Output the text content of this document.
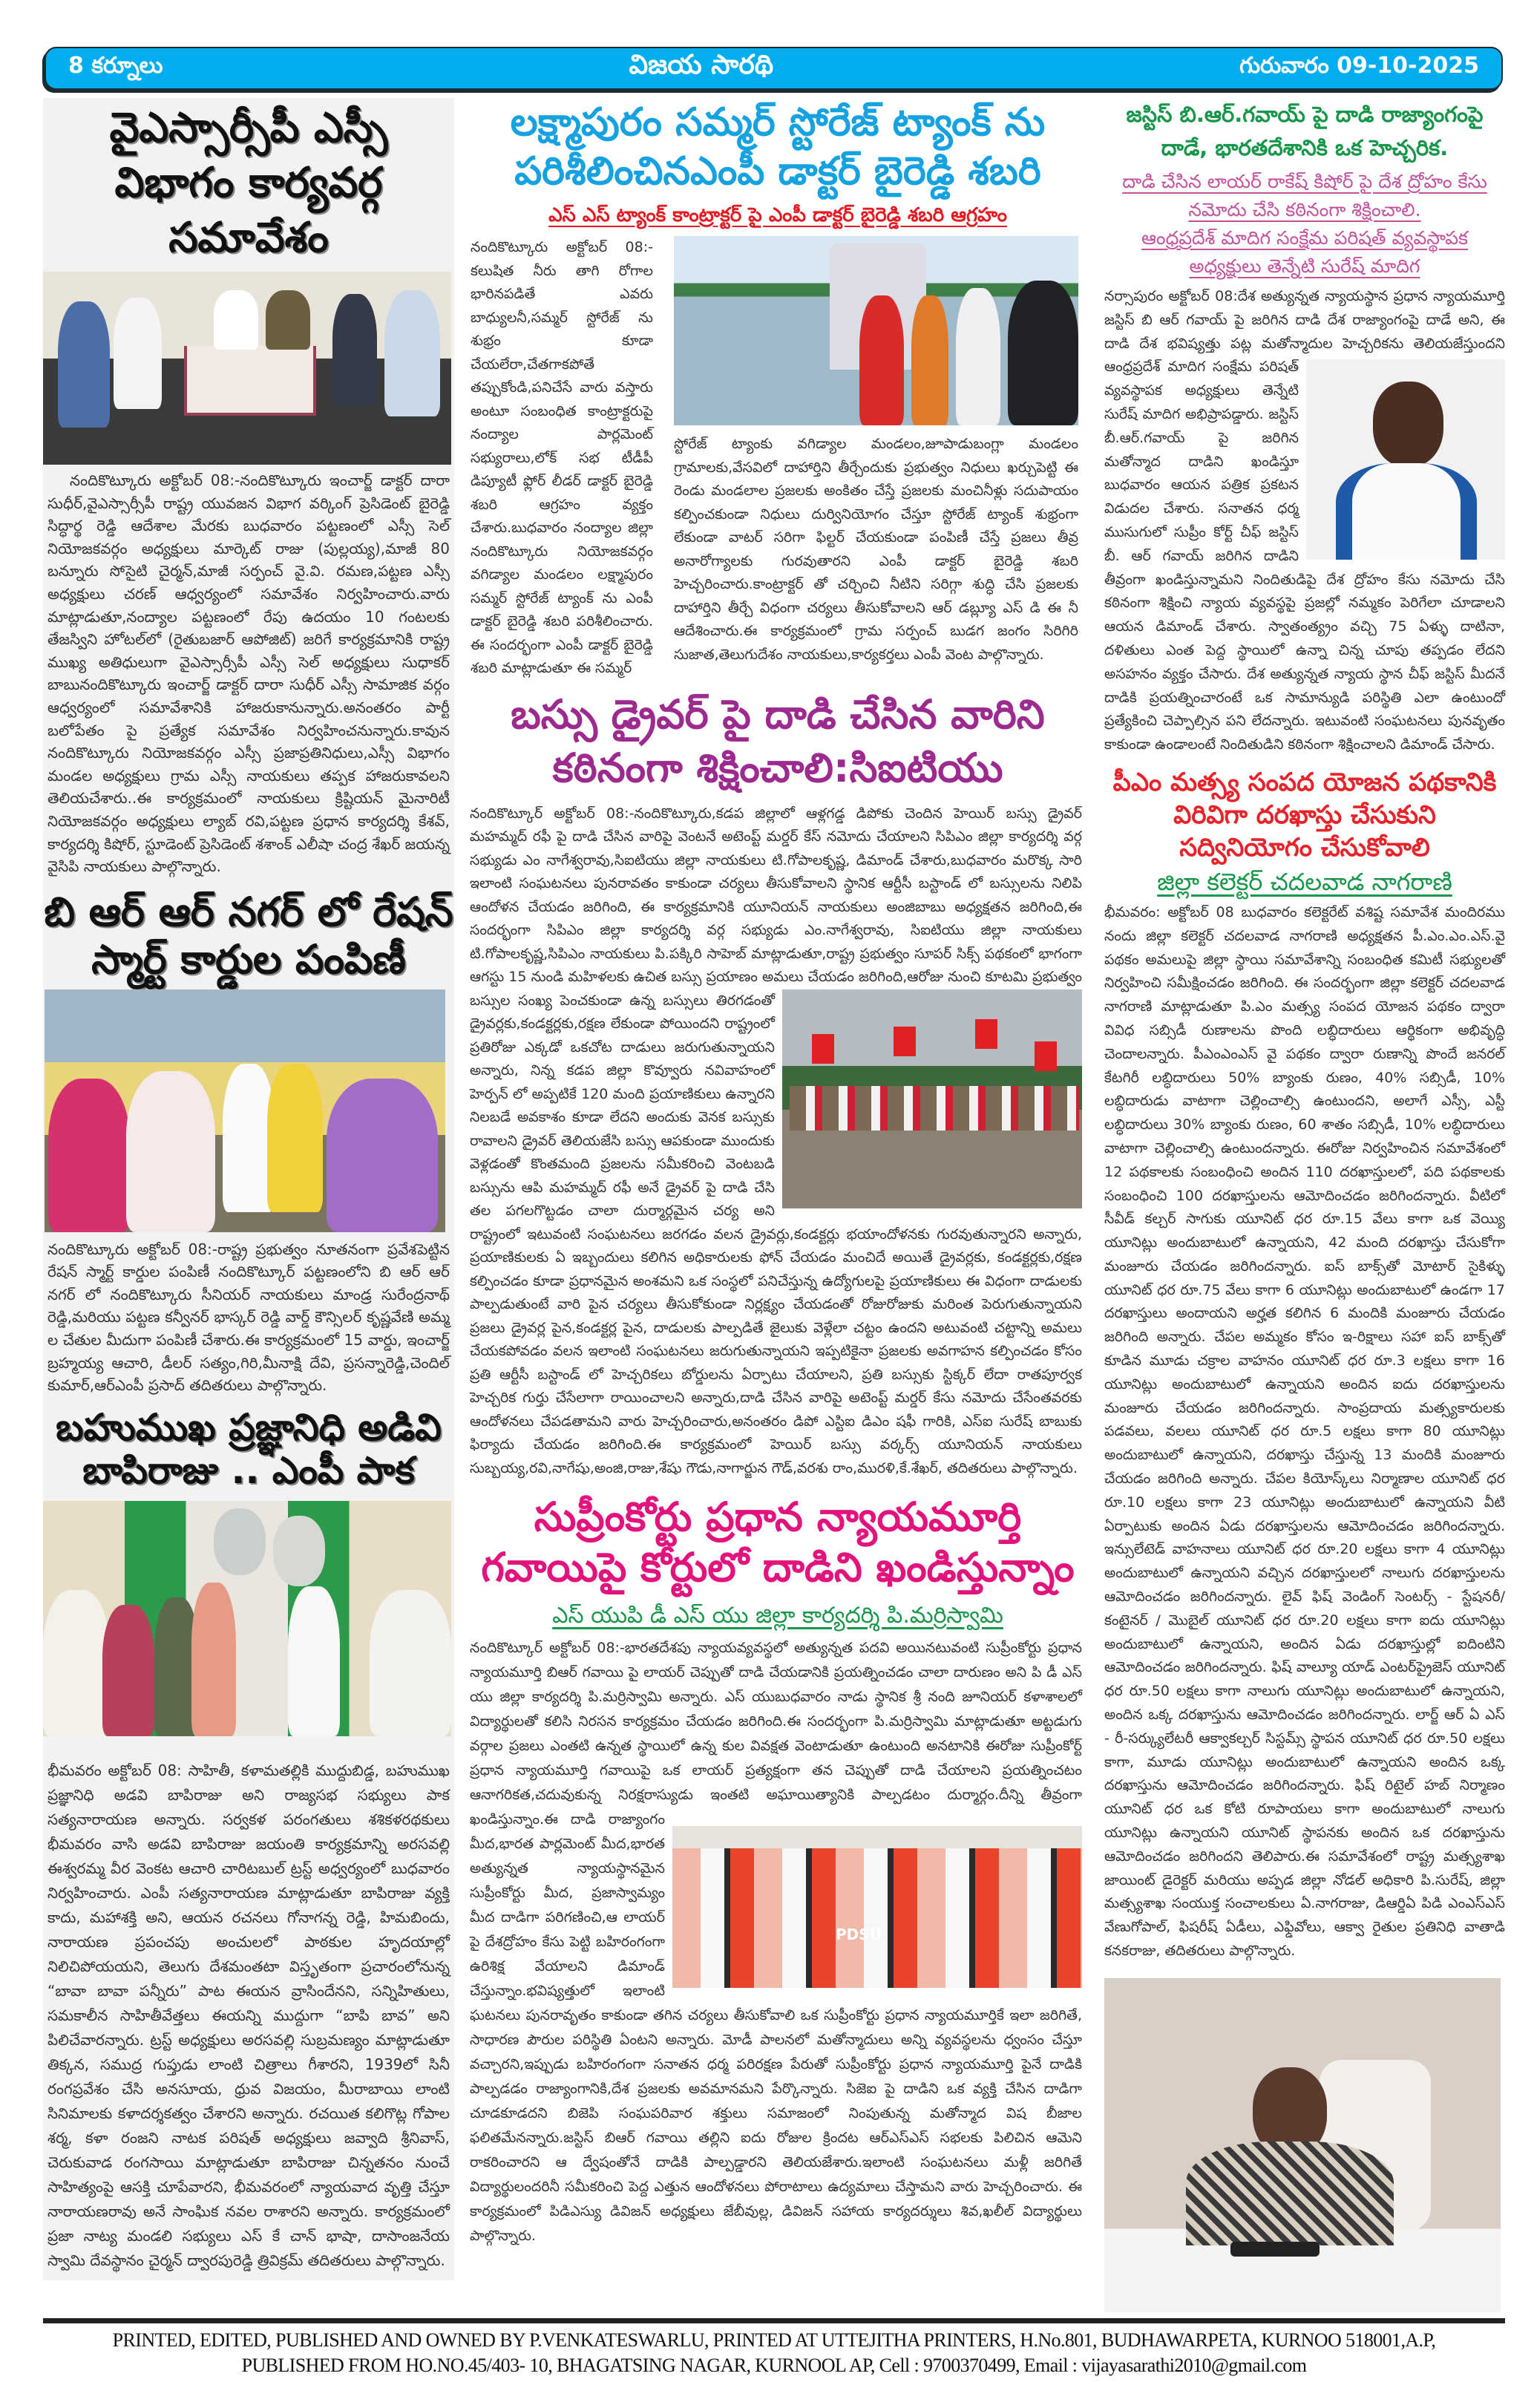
8 కర్నూలు	విజయ సారథి	గురువారం 09-10-2025
వైఎస్సార్సీపీ ఎస్సీ విభాగం కార్యవర్గ సమావేశం
నందికొట్కూరు అక్టోబర్ 08:-నందికొట్కూరు ఇంచార్జ్ డాక్టర్ దారా సుధీర్,వైఎస్సార్సీపీ రాష్ట్ర యువజన విభాగ వర్కింగ్ ప్రెసిడెంట్ బైరెడ్డి సిద్ధార్థ రెడ్డి ఆదేశాల మేరకు బుధవారం పట్టణంలో ఎస్సీ సెల్ నియోజకవర్గం అధ్యక్షులు మార్కెట్ రాజు (పుల్లయ్య),మాజీ 80 బన్నూరు సోసైటి చైర్మన్,మాజీ సర్పంచ్ వై.వి. రమణ,పట్టణ ఎస్సీ అధ్యక్షులు చరణ్ ఆధ్వర్యంలో సమావేశం నిర్వహించారు.వారు మాట్లాడుతూ,నంద్యాల పట్టణంలో రేపు ఉదయం 10 గంటలకు తేజస్విని హోటల్‌లో (రైతుబజార్ ఆపోజిట్) జరిగే కార్యక్రమానికి రాష్ట్ర ముఖ్య అతిధులుగా వైఎస్సార్సీపీ ఎస్సీ సెల్ అధ్యక్షులు సుధాకర్ బాబునందికొట్కూరు ఇంచార్జ్ డాక్టర్ దారా సుధీర్ ఎస్సీ సామాజిక వర్గం ఆధ్వర్యంలో సమావేశానికి హాజరుకానున్నారు.అనంతరం పార్టీ బలోపేతం పై ప్రత్యేక సమావేశం నిర్వహించనున్నారు.కావున నందికొట్కూరు నియోజకవర్గం ఎస్సీ ప్రజాప్రతినిధులు,ఎస్సీ విభాగం మండల అధ్యక్షులు గ్రామ ఎస్సీ నాయకులు తప్పక హాజరుకావలని తెలియచేశారు..ఈ కార్యక్రమంలో నాయకులు క్రిష్టియన్ మైనారిటీ నియోజకవర్గం అధ్యక్షులు ల్యాబ్ రవి,పట్టణ ప్రధాన కార్యదర్శి కేశవ్, కార్యదర్శి కిషోర్, స్టూడెంట్ ప్రెసిడెంట్ శశాంక్ ఎలీషా చంద్ర శేఖర్ జయన్న వైసిపి నాయకులు పాల్గొన్నారు.
బి ఆర్ ఆర్ నగర్ లో రేషన్ స్మార్ట్ కార్డుల పంపిణీ
నందికొట్కూరు అక్టోబర్ 08:-రాష్ట్ర ప్రభుత్వం నూతనంగా ప్రవేశపెట్టిన రేషన్ స్మార్ట్ కార్డుల పంపిణీ నందికొట్కూర్ పట్టణంలోని బి ఆర్ ఆర్ నగర్ లో నందికొట్కూరు సీనియర్ నాయకులు మాండ్ర సురేంద్రనాథ్ రెడ్డి,మరియు పట్టణ కన్వీనర్ భాస్కర్ రెడ్డి వార్డ్ కౌన్సిలర్ కృష్ణవేణి అమ్మ ల చేతుల మీదుగా పంపిణీ చేశారు.ఈ కార్యక్రమంలో 15 వార్డు, ఇంచార్జ్ బ్రహ్మయ్య ఆచారి, డీలర్ సత్యం,గిరి,మీనాక్షి దేవి, ప్రసన్నారెడ్డి,చెందిల్ కుమార్,ఆర్ఎంపీ ప్రసాద్ తదితరులు పాల్గొన్నారు.
బహుముఖ ప్రజ్ఞానిధి అడివి బాపిరాజు .. ఎంపీ పాక
భీమవరం అక్టోబర్ 08: సాహితీ, కళామతల్లికి ముద్దుబిడ్డ, బహుముఖ ప్రజ్ఞానిధి అడవి బాపిరాజు అని రాజ్యసభ సభ్యులు పాక సత్యనారాయణ అన్నారు. సర్వకళ పరంగతులు శశికళరథకులు భీమవరం వాసి అడవి బాపిరాజు జయంతి కార్యక్రమాన్ని అరసవల్లి ఈశ్వరమ్మ వీర వెంకట ఆచారి చారిటబుల్ ట్రస్ట్ అధ్వర్యంలో బుధవారం నిర్వహించారు. ఎంపీ సత్యనారాయణ మాట్లాడుతూ బాపిరాజు వ్యక్తి కాదు, మహాశక్తి అని, ఆయన రచనలు గోనాగన్న రెడ్డి, హిమబిందు, నారాయణ ప్రపంచపు అంచులలో పాఠకుల హృదయాల్లో నిలిచిపోయయని, తెలుగు దేశమంతటా విస్తృతంగా ప్రచారంలోనున్న “బావా బావా పన్నీరు” పాట ఈయన వ్రాసిందేనని, సన్నిహితులు, సమకాలీన సాహితీవేత్తలు ఈయన్ని ముద్దుగా “బాపి బావ” అని పిలిచేవారన్నారు. ట్రస్ట్ అధ్యక్షులు అరసవల్లి సుబ్రమణ్యం మాట్లాడుతూ తిక్కన, సముద్ర గుప్తుడు లాంటి చిత్రాలు గీశారని, 1939లో సినీ రంగప్రవేశం చేసి అనసూయ, ధ్రువ విజయం, మీరాబాయి లాంటి సినిమాలకు కళాదర్శకత్వం చేశారని అన్నారు. రచయిత కలిగొట్ల గోపాల శర్మ, కళా రంజని నాటక పరిషత్ అధ్యక్షులు జవ్వాది శ్రీనివాస్, చెరుకువాడ రంగసాయి మాట్లాడుతూ బాపిరాజు చిన్నతనం నుంచే సాహిత్యంపై ఆసక్తి చూపేవారని, భీమవరంలో న్యాయవాద వృత్తి చేస్తూ నారాయణరావు అనే సాంఘిక నవల రాశారని అన్నారు. కార్యక్రమంలో ప్రజా నాట్య మండలి సభ్యులు ఎస్ కే చాన్ భాషా, దాసాంజనేయ స్వామి దేవస్థానం చైర్మన్ ద్వారపురెడ్డి త్రివిక్రమ్ తదితరులు పాల్గొన్నారు.
లక్ష్మాపురం సమ్మర్ స్టోరేజ్ ట్యాంక్ ను పరిశీలించినఎంపీ డాక్టర్ బైరెడ్డి శబరి
ఎస్ ఎస్ ట్యాంక్ కాంట్రాక్టర్ పై ఎంపీ డాక్టర్ బైరెడ్డి శబరి ఆగ్రహం
నందికొట్కూరు అక్టోబర్ 08:-కలుషిత నీరు తాగి రోగాల భారినపడితే ఎవరు బాధ్యులనీ,సమ్మర్ స్టోరేజ్ ను శుభ్రం కూడా చేయలేరా,చేతగాకపోతే తప్పుకోండి,పనిచేసే వారు వస్తారు అంటూ సంబంధిత కాంట్రాక్టరుపై నంద్యాల పార్లమెంట్ సభ్యురాలు,లోక్ సభ టీడీపీ డిప్యూటీ ఫ్లోర్ లీడర్ డాక్టర్ బైరెడ్డి శబరి ఆగ్రహం వ్యక్తం చేశారు.బుధవారం నంద్యాల జిల్లా నందికొట్కూరు నియోజకవర్గం వగిడ్యాల మండలం లక్ష్మాపురం సమ్మర్ స్టోరేజ్ ట్యాంక్ ను ఎంపీ డాక్టర్ బైరెడ్డి శబరి పరిశీలించారు. ఈ సందర్భంగా ఎంపీ డాక్టర్ బైరెడ్డి శబరి మాట్లాడుతూ ఈ సమ్మర్
స్టోరేజ్ ట్యాంకు వగిడ్యాల మండలం,జూపాడుబంగ్లా మండలం గ్రామాలకు,వేసవిలో దాహార్తిని తీర్చేందుకు ప్రభుత్వం నిధులు ఖర్చుపెట్టి ఈ రెండు మండలాల ప్రజలకు అంకితం చేస్తే ప్రజలకు మంచినీళ్లు సదుపాయం కల్పించకుండా నిధులు దుర్వినియోగం చేస్తూ స్టోరేజ్ ట్యాంక్ శుభ్రంగా లేకుండా వాటర్ సరిగా ఫిల్టర్ చేయకుండా పంపిణీ చేస్తే ప్రజలు తీవ్ర అనారోగ్యాలకు గురవుతారని ఎంపీ డాక్టర్ బైరెడ్డి శబరి హెచ్చరించారు.కాంట్రాక్టర్ తో చర్చించి నీటిని సరిగ్గా శుద్ధి చేసి ప్రజలకు దాహార్తిని తీర్చే విధంగా చర్యలు తీసుకోవాలని ఆర్ డబ్ల్యూ ఎస్ డి ఈ నీ ఆదేశించారు.ఈ కార్యక్రమంలో గ్రామ సర్పంచ్ బుడగ జంగం సిరిగిరి సుజాత,తెలుగుదేశం నాయకులు,కార్యకర్తలు ఎంపీ వెంట పాల్గొన్నారు.
బస్సు డ్రైవర్ పై దాడి చేసిన వారిని కఠినంగా శిక్షించాలి:సిఐటియు
నందికొట్కూర్ అక్టోబర్ 08:-నందికొట్కూరు,కడప జిల్లాలో ఆళ్లగడ్డ డిపోకు చెందిన హెయిర్ బస్సు డ్రైవర్ మహమ్మద్ రఫీ పై దాడి చేసిన వారిపై వెంటనే అటెంప్ట్ మర్డర్ కేస్ నమోదు చేయాలని సిపిఎం జిల్లా కార్యదర్శి వర్గ సభ్యుడు ఎం నాగేశ్వరావు,సిఐటియు జిల్లా నాయకులు టి.గోపాలకృష్ణ, డిమాండ్ చేశారు,బుధవారం మరొక్క సారి ఇలాంటి సంఘటనలు పునరావతం కాకుండా చర్యలు తీసుకోవాలని స్థానిక ఆర్టీసీ బస్టాండ్ లో బస్సులను నిలిపి ఆందోళన చేయడం జరిగింది, ఈ కార్యక్రమానికి యూనియన్ నాయకులు అంజిబాబు అధ్యక్షతన జరిగింది,ఈ సందర్భంగా సిపిఎం జిల్లా కార్యదర్శి వర్గ సభ్యుడు ఎం.నాగేశ్వరావు, సిఐటియు జిల్లా నాయకులు టి.గోపాలకృష్ణ,సిపిఎం నాయకులు పి.పక్కిరి సాహెబ్ మాట్లాడుతూ,రాష్ట్ర ప్రభుత్వం సూపర్ సిక్స్ పథకంలో భాగంగా ఆగస్టు 15 నుండి మహిళలకు ఉచిత బస్సు ప్రయాణం అమలు చేయడం జరిగింది,ఆరోజు నుంచి కూటమి ప్రభుత్వం బస్సుల సంఖ్య పెంచకుండా ఉన్న బస్సులు తిరగడంతో డ్రైవర్లకు,కండక్టర్లకు,రక్షణ లేకుండా పోయిందని రాష్ట్రంలో ప్రతిరోజు ఎక్కడో ఒకచోట దాడులు జరుగుతున్నాయని అన్నారు, నిన్న కడప జిల్లా కొవ్వూరు నవివాహంలో హెర్పన్ లో అప్పటికే 120 మంది ప్రయాణికులు ఉన్నారని నిలబడే అవకాశం కూడా లేదని అందుకు వెనక బస్సుకు రావాలని డ్రైవర్ తెలియజేసి బస్సు ఆపకుండా ముందుకు వెళ్లడంతో కొంతమంది ప్రజలను సమీకరించి వెంటబడి బస్సును ఆపి మహమ్మద్ రఫీ అనే డ్రైవర్ పై దాడి చేసి తల పగలగొట్టడం చాలా దుర్మార్గమైన చర్య అని రాష్ట్రంలో ఇటువంటి సంఘటనలు జరగడం వలన డ్రైవర్లు,కండక్టర్లు భయాందోళనకు గురవుతున్నారని అన్నారు, ప్రయాణికులకు ఏ ఇబ్బందులు కలిగిన అధికారులకు ఫోన్ చేయడం మంచిదే అయితే డ్రైవర్లకు, కండక్టర్లకు,రక్షణ కల్పించడం కూడా ప్రధానమైన అంశమని ఒక సంస్థలో పనిచేస్తున్న ఉద్యోగులపై ప్రయాణికులు ఈ విధంగా దాడులకు పాల్పడుతుంటే వారి పైన చర్యలు తీసుకోకుండా నిర్లక్ష్యం చేయడంతో రోజురోజుకు మరింత పెరుగుతున్నాయని ప్రజలు డ్రైవర్ల పైన,కండక్టర్ల పైన, దాడులకు పాల్పడితే జైలుకు వెళ్లేలా చట్టం ఉందని అటువంటి చట్టాన్ని అమలు చేయకపోవడం వలన ఇలాంటి సంఘటనలు జరుగుతున్నాయని ఇప్పటికైనా ప్రజలకు అవగాహన కల్పించడం కోసం ప్రతి ఆర్టీసీ బస్టాండ్ లో హెచ్చరికలు బోర్డులను ఏర్పాటు చేయాలని, ప్రతి బస్సుకు స్టిక్కర్ లేదా రాతపూర్వక హెచ్చరిక గుర్తు చేసేలాగా రాయించాలని అన్నారు,దాడి చేసిన వారిపై అటెంప్ట్ మర్డర్ కేసు నమోదు చేసేంతవరకు ఆందోళనలు చేపడతామని వారు హెచ్చరించారు,అనంతరం డిపో ఎస్టిఐ డిఎం షఫీ గారికి, ఎస్ఐ సురేష్ బాబుకు ఫిర్యాదు చేయడం జరిగింది.ఈ కార్యక్రమంలో హెయిర్ బస్సు వర్కర్స్ యూనియన్ నాయకులు సుబ్బయ్య,రవి,నాగేషు,అంజి,రాజు,శేషు గౌడు,నాగార్జున గౌడ్,వరశు రాం,మురళి,కే.శేఖర్, తదితరులు పాల్గొన్నారు.
సుప్రీంకోర్టు ప్రధాన న్యాయమూర్తి గవాయిపై కోర్టులో దాడిని ఖండిస్తున్నాం
ఎస్ యుపి డీ ఎస్ యు జిల్లా కార్యదర్శి పి.మర్రిస్వామి
PDSU
నందికొట్కూర్ అక్టోబర్ 08:-భారతదేశపు న్యాయవ్యవస్థలో అత్యున్నత పదవి అయినటువంటి సుప్రీంకోర్టు ప్రధాన న్యాయమూర్తి బిఆర్ గవాయి పై లాయర్ చెప్పుతో దాడి చేయడానికి ప్రయత్నించడం చాలా దారుణం అని పి డీ ఎస్ యు జిల్లా కార్యదర్శి పి.మర్రిస్వామి అన్నారు. ఎస్ యుబుధవారం నాడు స్థానిక శ్రీ నంది జూనియర్ కళాశాలలో విద్యార్థులతో కలిసి నిరసన కార్యక్రమం చేయడం జరిగింది.ఈ సందర్భంగా పి.మర్రిస్వామి మాట్లాడుతూ అట్టడుగు వర్గాల ప్రజలు ఎంతటి ఉన్నత స్థాయిలో ఉన్న కుల వివక్షత వెంటాడుతూ ఉంటుంది అనటానికి ఈరోజు సుప్రీంకోర్ట్ ప్రధాన న్యాయమూర్తి గవాయిపై ఒక లాయర్ ప్రత్యక్షంగా తన చెప్పుతో దాడి చేయాలని ప్రయత్నించటం ఆనాగరికత,చదువుకున్న నిరక్షరాస్యుడు ఇంతటి అఘాయిత్యానికి పాల్పడటం దుర్మార్గం.దీన్ని తీవ్రంగా ఖండిస్తున్నాం.ఈ దాడి రాజ్యాంగం మీద,భారత పార్లమెంట్ మీద,భారత అత్యున్నత న్యాయస్థానమైన సుప్రీంకోర్టు మీద, ప్రజాస్వామ్యం మీద దాడిగా పరిగణించి,ఆ లాయర్ పై దేశద్రోహం కేసు పెట్టి బహిరంగంగా ఉరిశిక్ష వేయాలని డిమాండ్ చేస్తున్నాం.భవిష్యత్తులో ఇలాంటి ఘటనలు పునరావృతం కాకుండా తగిన చర్యలు తీసుకోవాలి ఒక సుప్రీంకోర్టు ప్రధాన న్యాయమూర్తికే ఇలా జరిగితే, సాధారణ పౌరుల పరిస్థితి ఏంటని అన్నారు. మోడీ పాలనలో మతోన్మాదులు అన్ని వ్యవస్థలను ధ్వంసం చేస్తూ వచ్చారని,ఇప్పుడు బహిరంగంగా సనాతన ధర్మ పరిరక్షణ పేరుతో సుప్రీంకోర్టు ప్రధాన న్యాయమూర్తి పైనే దాడికి పాల్పడడం రాజ్యాంగానికి,దేశ ప్రజలకు అవమానమని పేర్కొన్నారు. సిజెఐ పై దాడిని ఒక వ్యక్తి చేసిన దాడిగా చూడకూడదని బిజెపి సంఘపరివార శక్తులు సమాజంలో నింపుతున్న మతోన్మాద విష బీజాల ఫలితమేనన్నారు.జస్టిస్ బిఆర్ గవాయి తల్లిని ఐదు రోజుల క్రిందట ఆర్ఎస్ఎస్ సభలకు పిలిచిన ఆమెని రాకరించారని ఆ ద్వేషంతోనే దాడికి పాల్పడ్డారని తెలియజేశారు.ఇలాంటి సంఘటనలు మళ్లీ జరిగితే విద్యార్థులందరినీ సమీకరించి పెద్ద ఎత్తున ఆందోళనలు పోరాటాలు ఉద్యమాలు చేస్తామని వారు హెచ్చరించారు. ఈ కార్యక్రమంలో పిడిఎస్యు డివిజన్ అధ్యక్షులు జేబీవుల్ల, డివిజన్ సహాయ కార్యదర్శులు శివ,ఖలీల్ విద్యార్థులు పాల్గొన్నారు.
జస్టిస్ బి.ఆర్.గవాయ్ పై దాడి రాజ్యాంగంపై దాడే, భారతదేశానికి ఒక హెచ్చరిక.
దాడి చేసిన లాయర్ రాకేష్ కిషోర్ పై దేశ ద్రోహం కేసు నమోదు చేసి కఠినంగా శిక్షించాలి.
ఆంధ్రప్రదేశ్ మాదిగ సంక్షేమ పరిషత్ వ్యవస్థాపక అధ్యక్షులు తెన్నేటి సురేష్ మాదిగ
నర్సాపురం అక్టోబర్ 08:దేశ అత్యున్నత న్యాయస్థాన ప్రధాన న్యాయమూర్తి జస్టిస్ బి ఆర్ గవాయ్ పై జరిగిన దాడి దేశ రాజ్యాంగంపై దాడే అని, ఈ దాడి దేశ భవిష్యత్తు పట్ల మతోన్మాదుల హెచ్చరికను తెలియజేస్తుందని ఆంధ్రప్రదేశ్ మాదిగ సంక్షేమ పరిషత్ వ్యవస్థాపక అధ్యక్షులు తెన్నేటి సురేష్ మాదిగ అభిప్రాపడ్డారు. జస్టిస్ బీ.ఆర్.గవాయ్ పై జరిగిన మతోన్మాద దాడిని ఖండిస్తూ బుధవారం ఆయన పత్రిక ప్రకటన విడుదల చేశారు. సనాతన ధర్మ ముసుగులో సుప్రీం కోర్ట్ చీఫ్ జస్టిస్ బీ. ఆర్ గవాయ్ జరిగిన దాడిని తీవ్రంగా ఖండిస్తున్నామని నిందితుడిపై దేశ ద్రోహం కేసు నమోదు చేసి కఠినంగా శిక్షించి న్యాయ వ్యవస్థపై ప్రజల్లో నమ్మకం పెరిగేలా చూడాలని ఆయన డిమాండ్ చేశారు. స్వాతంత్య్రం వచ్చి 75 ఏళ్ళు దాటినా, దళితులు ఎంత పెద్ద స్థాయిలో ఉన్నా చిన్న చూపు తప్పడం లేదని అసహనం వ్యక్తం చేసారు. దేశ అత్యున్నత న్యాయ స్థాన చీఫ్ జస్టిస్ మీదనే దాడికి ప్రయత్నించారంటే ఒక సామాన్యుడి పరిస్థితి ఎలా ఉంటుందో ప్రత్యేకించి చెప్పాల్సిన పని లేదన్నారు. ఇటువంటి సంఘటనలు పునవృతం కాకుండా ఉండాలంటే నిందితుడిని కఠినంగా శిక్షించాలని డిమాండ్ చేసారు.
పీఎం మత్స్య సంపద యోజన పథకానికి విరివిగా దరఖాస్తు చేసుకుని సద్వినియోగం చేసుకోవాలి
జిల్లా కలెక్టర్ చదలవాడ నాగరాణి
భీమవరం: అక్టోబర్ 08 బుధవారం కలెక్టరేట్ వశిష్ట సమావేశ మందిరము నందు జిల్లా కలెక్టర్ చదలవాడ నాగరాణి అధ్యక్షతన పీ.ఎం.ఎం.ఎస్.వై పథకం అమలుపై జిల్లా స్థాయి సమావేశాన్ని సంబంధిత కమిటీ సభ్యులతో నిర్వహించి సమీక్షించడం జరిగింది. ఈ సందర్భంగా జిల్లా కలెక్టర్ చదలవాడ నాగరాణి మాట్లాడుతూ పి.ఎం మత్స్య సంపద యోజన పథకం ద్వారా వివిధ సబ్సిడీ రుణాలను పొంది లబ్ధిదారులు ఆర్థికంగా అభివృద్ధి చెందాలన్నారు. పీఎంఎంఎస్ వై పథకం ద్వారా రుణాన్ని పొందే జనరల్ కేటగిరీ లబ్ధిదారులు 50% బ్యాంకు రుణం, 40% సబ్సిడీ, 10% లబ్ధిదారుడు వాటాగా చెల్లించాల్సి ఉంటుందని, అలాగే ఎస్సీ, ఎస్టీ లబ్ధిదారులు 30% బ్యాంకు రుణం, 60 శాతం సబ్సిడీ, 10% లబ్ధిదారులు వాటాగా చెల్లించాల్సి ఉంటుందన్నారు. ఈరోజు నిర్వహించిన సమావేశంలో 12 పథకాలకు సంబంధించి అందిన 110 దరఖాస్తులలో, పది పథకాలకు సంబంధించి 100 దరఖాస్తులను ఆమోదించడం జరిగిందన్నారు. వీటిలో సీవీడ్ కల్చర్ సాగుకు యూనిట్ ధర రూ.15 వేలు కాగా ఒక వెయ్యి యూనిట్లు అందుబాటులో ఉన్నాయని, 42 మంది దరఖాస్తు చేసుకోగా మంజూరు చేయడం జరిగిందన్నారు. ఐస్ బాక్స్‌తో మోటార్ సైకిళ్ళు యూనిట్ ధర రూ.75 వేలు కాగా 6 యూనిట్లు అందుబాటులో ఉండగా 17 దరఖాస్తులు అందాయని అర్హత కలిగిన 6 మందికి మంజూరు చేయడం జరిగింది అన్నారు. చేపల అమ్మకం కోసం ఇ-రిక్షాలు సహా ఐస్ బాక్స్‌తో కూడిన మూడు చక్రాల వాహనం యూనిట్ ధర రూ.3 లక్షలు కాగా 16 యూనిట్లు అందుబాటులో ఉన్నాయని అందిన ఐదు దరఖాస్తులను మంజూరు చేయడం జరిగిందన్నారు. సాంప్రదాయ మత్స్యకారులకు పడవలు, వలలు యూనిట్ ధర రూ.5 లక్షలు కాగా 80 యూనిట్లు అందుబాటులో ఉన్నాయని, దరఖాస్తు చేస్తున్న 13 మందికి మంజూరు చేయడం జరిగింది అన్నారు. చేపల కియోస్క్‌లు నిర్మాణాల యూనిట్ ధర రూ.10 లక్షలు కాగా 23 యూనిట్లు అందుబాటులో ఉన్నాయని వీటి ఏర్పాటుకు అందిన ఏడు దరఖాస్తులను ఆమోదించడం జరిగిందన్నారు. ఇన్సులేటెడ్ వాహనాలు యూనిట్ ధర రూ.20 లక్షలు కాగా 4 యూనిట్లు అందుబాటులో ఉన్నాయని వచ్చిన దరఖాస్తులలో నాలుగు దరఖాస్తులను ఆమోదించడం జరిగిందన్నారు. లైవ్ ఫిష్ వెండింగ్ సెంటర్స్ - స్టేషనరీ/కంటైనర్ / మొబైల్ యూనిట్ ధర రూ.20 లక్షలు కాగా ఐదు యూనిట్లు అందుబాటులో ఉన్నాయని, అందిన ఏడు దరఖాస్తుల్లో ఐదింటిని ఆమోదించడం జరిగిందన్నారు. ఫిష్ వాల్యూ యాడ్ ఎంటర్‌ప్రైజెస్ యూనిట్ ధర రూ.50 లక్షలు కాగా నాలుగు యూనిట్లు అందుబాటులో ఉన్నాయని, అందిన ఒక్క దరఖాస్తును ఆమోదించడం జరిగిందన్నారు. లార్జ్ ఆర్ ఏ ఎస్ - రీ-సర్క్యులేటరీ ఆక్వాకల్చర్ సిస్టమ్స్ స్థాపన యూనిట్ ధర రూ.50 లక్షలు కాగా, మూడు యూనిట్లు అందుబాటులో ఉన్నాయని అందిన ఒక్క దరఖాస్తును ఆమోదించడం జరిగిందన్నారు. ఫిష్ రిటైల్ హబ్ నిర్మాణం యూనిట్ ధర ఒక కోటి రూపాయలు కాగా అందుబాటులో నాలుగు యూనిట్లు ఉన్నాయని యూనిట్ స్థాపనకు అందిన ఒక దరఖాస్తును ఆమోదించడం జరిగిందని తెలిపారు.ఈ సమావేశంలో రాష్ట్ర మత్స్యశాఖ జాయింట్ డైరెక్టర్ మరియు అప్పడ జిల్లా నోడల్ అధికారి పి.సురేష్, జిల్లా మత్స్యశాఖ సంయుక్త సంచాలకులు ఏ.నాగరాజు, డిఆర్డిఏ పిడి ఎంఎస్ఎస్ వేణుగోపాల్, ఫిషరీష్ ఏడీలు, ఎఫ్డివోలు, ఆక్వా రైతుల ప్రతినిధి వాతాడి కనకరాజు, తదితరులు పాల్గొన్నారు.
PRINTED, EDITED, PUBLISHED AND OWNED BY P.VENKATESWARLU, PRINTED AT UTTEJITHA PRINTERS, H.No.801, BUDHAWARPETA, KURNOO 518001,A.P,
PUBLISHED FROM HO.NO.45/403- 10, BHAGATSING NAGAR, KURNOOL AP, Cell : 9700370499, Email : vijayasarathi2010@gmail.com
